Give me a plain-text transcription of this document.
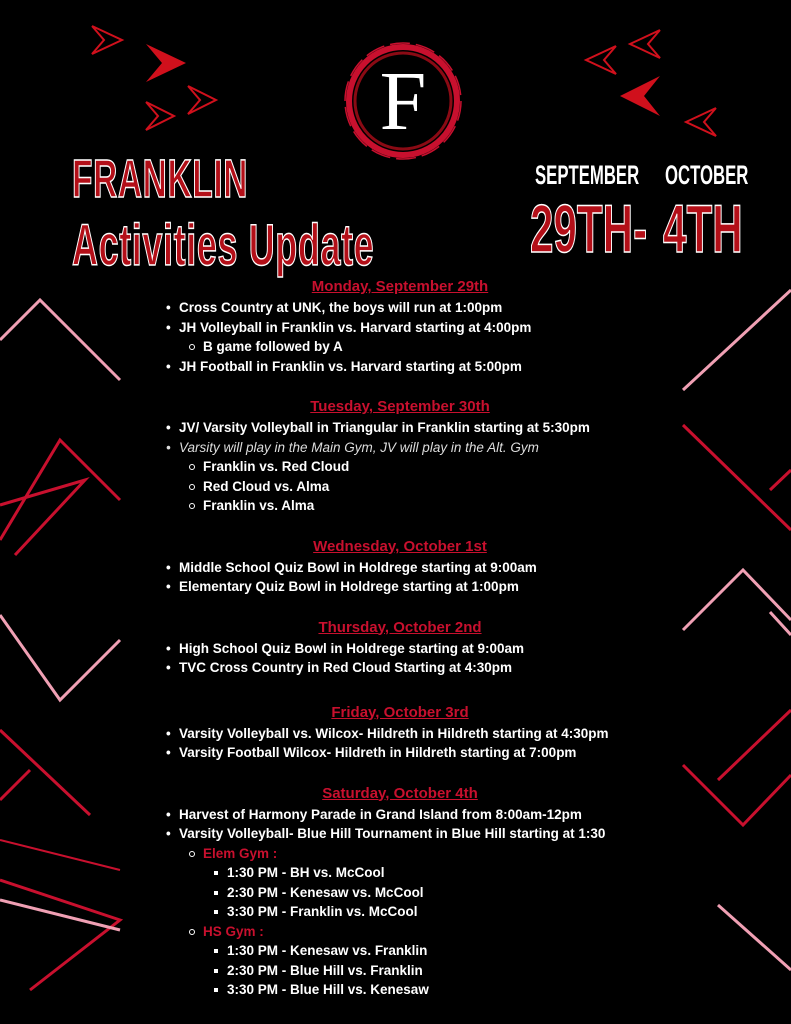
F
FRANKLIN
Activities Update
SEPTEMBER OCTOBER
29TH- 4TH
Monday, September 29th
• Cross Country at UNK, the boys will run at 1:00pm
• JH Volleyball in Franklin vs. Harvard starting at 4:00pm
B game followed by A
• JH Football in Franklin vs. Harvard starting at 5:00pm
Tuesday, September 30th
• JV/ Varsity Volleyball in Triangular in Franklin starting at 5:30pm
• Varsity will play in the Main Gym, JV will play in the Alt. Gym
Franklin vs. Red Cloud
Red Cloud vs. Alma
Franklin vs. Alma
Wednesday, October 1st
• Middle School Quiz Bowl in Holdrege starting at 9:00am
• Elementary Quiz Bowl in Holdrege starting at 1:00pm
Thursday, October 2nd
• High School Quiz Bowl in Holdrege starting at 9:00am
• TVC Cross Country in Red Cloud Starting at 4:30pm
Friday, October 3rd
• Varsity Volleyball vs. Wilcox- Hildreth in Hildreth starting at 4:30pm
• Varsity Football Wilcox- Hildreth in Hildreth starting at 7:00pm
Saturday, October 4th
• Harvest of Harmony Parade in Grand Island from 8:00am-12pm
• Varsity Volleyball- Blue Hill Tournament in Blue Hill starting at 1:30
Elem Gym :
1:30 PM - BH vs. McCool
2:30 PM - Kenesaw vs. McCool
3:30 PM - Franklin vs. McCool
HS Gym :
1:30 PM - Kenesaw vs. Franklin
2:30 PM - Blue Hill vs. Franklin
3:30 PM - Blue Hill vs. Kenesaw
